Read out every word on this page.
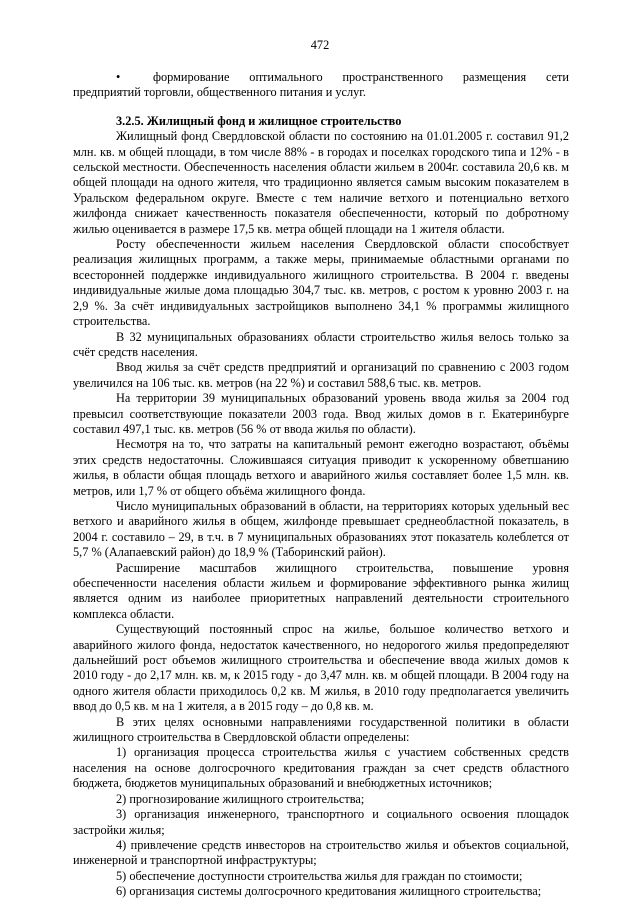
472
•	формирование оптимального пространственного размещения сети предприятий торговли, общественного питания и услуг.
3.2.5. Жилищный фонд и жилищное строительство

Жилищный фонд Свердловской области по состоянию на 01.01.2005 г. составил 91,2 млн. кв. м общей площади, в том числе 88% - в городах и поселках городского типа и 12% - в сельской местности. Обеспеченность населения области жильем в 2004г. составила 20,6 кв. м общей площади на одного жителя, что традиционно является самым высоким показателем в Уральском федеральном округе. Вместе с тем наличие ветхого и потенциально ветхого жилфонда снижает качественность показателя обеспеченности, который по добротному жилью оценивается в размере 17,5 кв. метра общей площади на 1 жителя области.

Росту обеспеченности жильем населения Свердловской области способствует реализация жилищных программ, а также меры, принимаемые областными органами по всесторонней поддержке индивидуального жилищного строительства. В 2004 г. введены индивидуальные жилые дома площадью 304,7 тыс. кв. метров, с ростом к уровню 2003 г. на 2,9 %. За счёт индивидуальных застройщиков выполнено 34,1 % программы жилищного строительства.

В 32 муниципальных образованиях области строительство жилья велось только за счёт средств населения.

Ввод жилья за счёт средств предприятий и организаций по сравнению с 2003 годом увеличился на 106 тыс. кв. метров (на 22 %) и составил 588,6 тыс. кв. метров.

На территории 39 муниципальных образований уровень ввода жилья за 2004 год превысил соответствующие показатели 2003 года. Ввод жилых домов в г. Екатеринбурге составил 497,1 тыс. кв. метров (56 % от ввода жилья по области).

Несмотря на то, что затраты на капитальный ремонт ежегодно возрастают, объёмы этих средств недостаточны. Сложившаяся ситуация приводит к ускоренному обветшанию жилья, в области общая площадь ветхого и аварийного жилья составляет более 1,5 млн. кв. метров, или 1,7 % от общего объёма жилищного фонда.

Число муниципальных образований в области, на территориях которых удельный вес ветхого и аварийного жилья в общем, жилфонде превышает среднеобластной показатель, в 2004 г. составило – 29, в т.ч. в 7 муниципальных образованиях этот показатель колеблется от 5,7 % (Алапаевский район) до 18,9 % (Таборинский район).

Расширение масштабов жилищного строительства, повышение уровня обеспеченности населения области жильем и формирование эффективного рынка жилищ является одним из наиболее приоритетных направлений деятельности строительного комплекса области.

Существующий постоянный спрос на жилье, большое количество ветхого и аварийного жилого фонда, недостаток качественного, но недорогого жилья предопределяют дальнейший рост объемов жилищного строительства и обеспечение ввода жилых домов к 2010 году - до 2,17 млн. кв. м, к 2015 году - до 3,47 млн. кв. м общей площади. В 2004 году на одного жителя области приходилось 0,2 кв. М жилья, в 2010 году предполагается увеличить ввод до 0,5 кв. м на 1 жителя, а в 2015 году – до 0,8 кв. м.

В этих целях основными направлениями государственной политики в области жилищного строительства в Свердловской области определены:

1) организация процесса строительства жилья с участием собственных средств населения на основе долгосрочного кредитования граждан за счет средств областного бюджета, бюджетов муниципальных образований и внебюджетных источников;

2) прогнозирование жилищного строительства;

3) организация инженерного, транспортного и социального освоения площадок застройки жилья;

4) привлечение средств инвесторов на строительство жилья и объектов социальной, инженерной и транспортной инфраструктуры;

5) обеспечение доступности строительства жилья для граждан по стоимости;

6) организация системы долгосрочного кредитования жилищного строительства;
